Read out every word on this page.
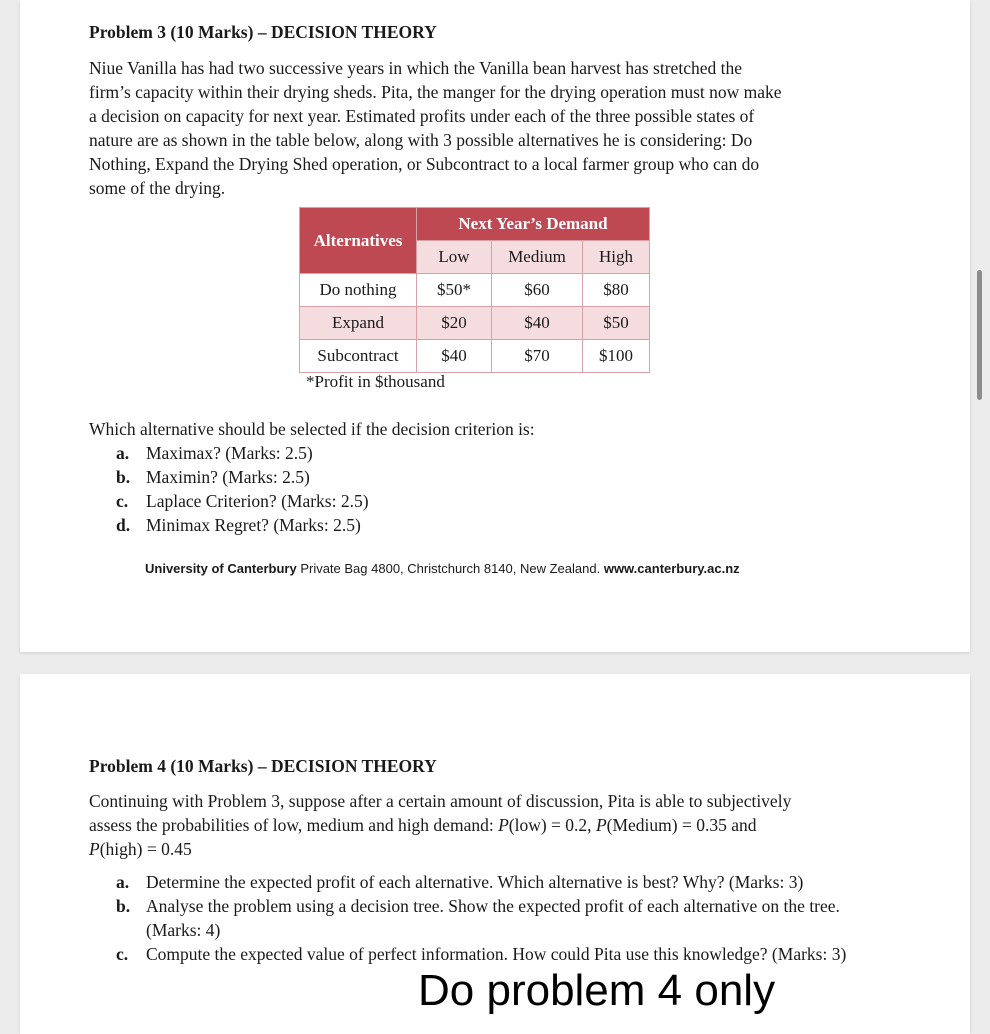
Problem 3 (10 Marks) – DECISION THEORY

Niue Vanilla has had two successive years in which the Vanilla bean harvest has stretched the

firm’s capacity within their drying sheds. Pita, the manger for the drying operation must now make

a decision on capacity for next year. Estimated profits under each of the three possible states of

nature are as shown in the table below, along with 3 possible alternatives he is considering: Do

Nothing, Expand the Drying Shed operation, or Subcontract to a local farmer group who can do

some of the drying.

Alternatives	Next Year’s Demand		
	Low	Medium	High
Do nothing	$50*	$60	$80
Expand	$20	$40	$50
Subcontract	$40	$70	$100
*Profit in $thousand
Which alternative should be selected if the decision criterion is:
a. Maximax? (Marks: 2.5)
b. Maximin? (Marks: 2.5)
c.	Laplace Criterion? (Marks: 2.5)
d. Minimax Regret? (Marks: 2.5)
University of Canterbury Private Bag 4800, Christchurch 8140, New Zealand. www.canterbury.ac.nz
Problem 4 (10 Marks) – DECISION THEORY

Continuing with Problem 3, suppose after a certain amount of discussion, Pita is able to subjectively

assess the probabilities of low, medium and high demand: P(low) = 0.2, P(Medium) = 0.35 and

P(high) = 0.45

a. Determine the expected profit of each alternative. Which alternative is best? Why? (Marks: 3)
b. Analyse the problem using a decision tree. Show the expected profit of each alternative on the tree. (Marks: 4)
c.	Compute the expected value of perfect information. How could Pita use this knowledge? (Marks: 3)
Do problem 4 only
